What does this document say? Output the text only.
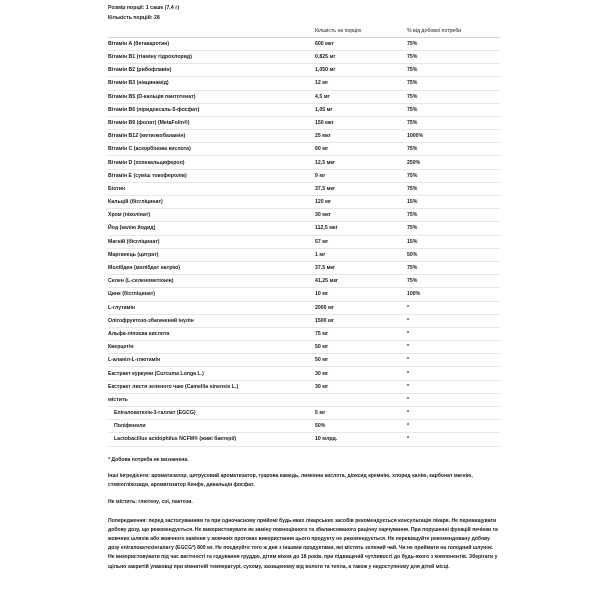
Розмір порції: 1 саше (7,4 г)
Кількість порцій: 28
	Кількість на порцію	% від добової потреби
Вітамін A (бетакаротин)	600 мкг	75%
Вітамін B1 (тіаміну гідрохлорид)	0,825 мг	75%
Вітамін B2 (рибофлавін)	1,050 мг	75%
Вітамін B3 (ніацинамід)	12 мг	75%
Вітамін B5 (D-кальція пантотенат)	4,5 мг	75%
Вітамін B6 (піридоксаль-5-фосфат)	1,05 мг	75%
Вітамін B9 (фолат) (MetaFolin®)	150 мкг	75%
Вітамін B12 (метилкобаламін)	25 мкг	1000%
Вітамін C (аскорбінова кислота)	60 мг	75%
Вітамін D (холекальциферол)	12,5 мкг	250%
Вітамін E (суміш токоферолів)	9 мг	75%
Біотин	37,5 мкг	75%
Кальцій (бісгліцинат)	120 мг	15%
Хром (піколінат)	30 мкг	75%
Йод (калію йодид)	112,5 мкг	75%
Магній (бісгліцинат)	57 мг	15%
Марганець (цитрат)	1 мг	50%
Молібден (молібдат натрію)	37,5 мкг	75%
Селен (L-селенометіонін)	41,25 мкг	75%
Цинк (бісгліцинат)	10 мг	100%
L-глутамін	2000 мг	*
Олігофруктозо-збагачений інулін	1500 мг	*
Альфа-ліпоєва кислота	75 мг	*
Кверцетін	50 мг	*
L-аланіл-L-глютамін	50 мг	*
Екстракт куркуми (Curcuma Longa L.)	30 мг	*
Екстракт листя зеленого чаю (Camellia sinensis L.)	30 мг	*
містить		*
Епігалокатехін-3-галлат (EGCG)	5 мг	*
Поліфеноли	50%	*
Lactobacillus acidophilus NCFM® (живі бактерії)	10 млрд.	*
* Добова потреба не визначена.
Інші інгредієнти: ароматизатор, цитрусовий ароматизатор, гуарова камедь, лимонна кислота, діоксид кремнію, хлорид калію, карбонат магнію, стевіоглікозиди, ароматизатор Кенфе, дикальція фосфат.
Не містить: глютену, сої, лактози.
Попередження: перед застосуванням та при одночасному прийомі будь-яких лікарських засобів рекомендується консультація лікаря. Не перевищувати добову дозу, що рекомендується. Не використовувати як заміну повноцінного та збалансованого раціону харчування. При порушенні функцій печінки та жовчних шляхів або жовчного каміння у жовчних протоках використання цього продукту не рекомендується. Не перевищуйте рекомендовану добову дозу епігалокатехінгалату (EGCG*) 800 мг. Не поєднуйте того ж дня з іншими продуктами, які містять зелений чай. Чи не приймати на голодний шлунок. Не використовувати під час вагітності та годування груддю, дітям віком до 18 років, при підвищеній чутливості до будь-якого з компонентів. Зберігати у щільно закритій упаковці при кімнатній температурі, сухому, захищеному від вологи та тепла, а також у недоступному для дітей місці.
